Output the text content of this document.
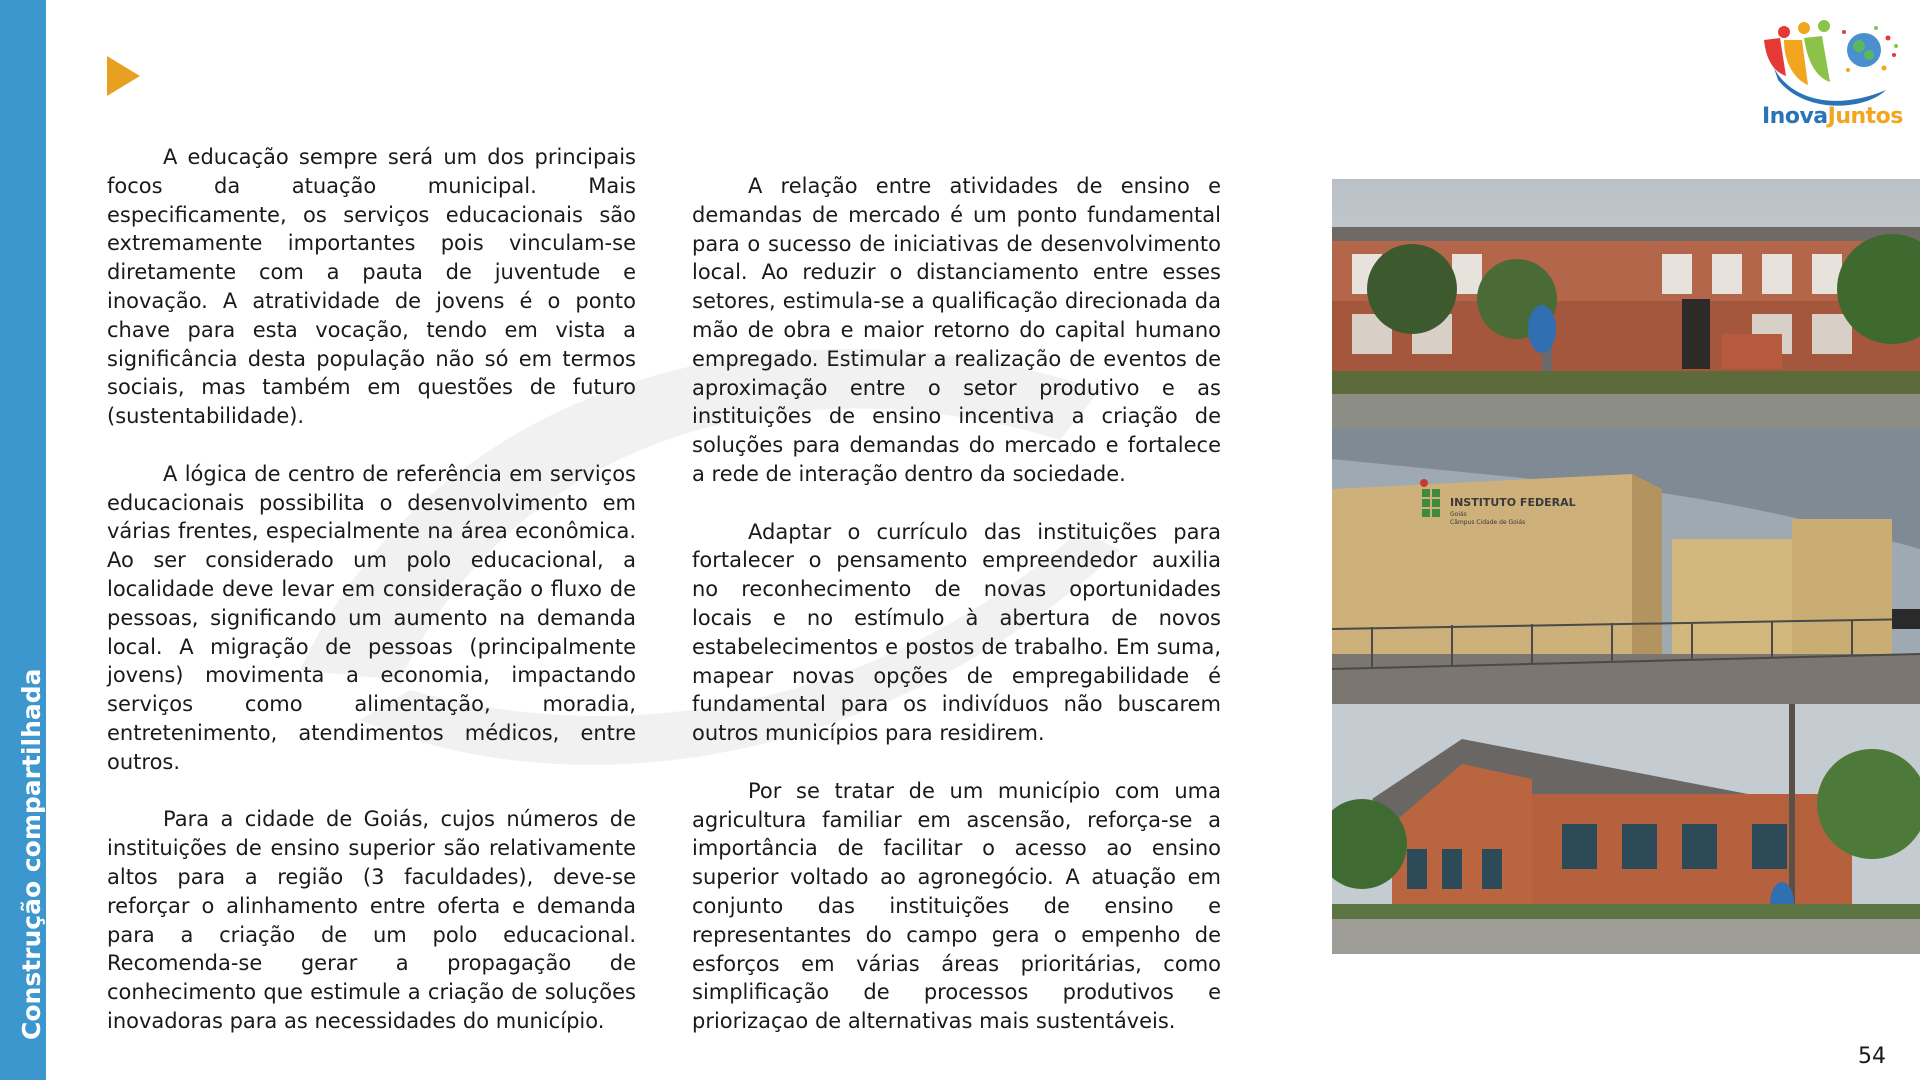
Construção compartilhada

A educação sempre será um dos principais focos da atuação municipal. Mais especificamente, os serviços educacionais são extremamente importantes pois vinculam-se diretamente com a pauta de juventude e inovação. A atratividade de jovens é o ponto chave para esta vocação, tendo em vista a significância desta população não só em termos sociais, mas também em questões de futuro (sustentabilidade).

A lógica de centro de referência em serviços educacionais possibilita o desenvolvimento em várias frentes, especialmente na área econômica. Ao ser considerado um polo educacional, a localidade deve levar em consideração o fluxo de pessoas, significando um aumento na demanda local. A migração de pessoas (principalmente jovens) movimenta a economia, impactando serviços como alimentação, moradia, entretenimento, atendimentos médicos, entre outros.

Para a cidade de Goiás, cujos números de instituições de ensino superior são relativamente altos para a região (3 faculdades), deve-se reforçar o alinhamento entre oferta e demanda para a criação de um polo educacional. Recomenda-se gerar a propagação de conhecimento que estimule a criação de soluções inovadoras para as necessidades do município.

A relação entre atividades de ensino e demandas de mercado é um ponto fundamental para o sucesso de iniciativas de desenvolvimento local. Ao reduzir o distanciamento entre esses setores, estimula-se a qualificação direcionada da mão de obra e maior retorno do capital humano empregado. Estimular a realização de eventos de aproximação entre o setor produtivo e as instituições de ensino incentiva a criação de soluções para demandas do mercado e fortalece a rede de interação dentro da sociedade.

Adaptar o currículo das instituições para fortalecer o pensamento empreendedor auxilia no reconhecimento de novas oportunidades locais e no estímulo à abertura de novos estabelecimentos e postos de trabalho. Em suma, mapear novas opções de empregabilidade é fundamental para os indivíduos não buscarem outros municípios para residirem.

Por se tratar de um município com uma agricultura familiar em ascensão, reforça-se a importância de facilitar o acesso ao ensino superior voltado ao agronegócio. A atuação em conjunto das instituições de ensino e representantes do campo gera o empenho de esforços em várias áreas prioritárias, como simplificação de processos produtivos e priorizaçao de alternativas mais sustentáveis.

INSTITUTO FEDERAL
Goiás
Câmpus Cidade de Goiás
InovaJuntos
54
